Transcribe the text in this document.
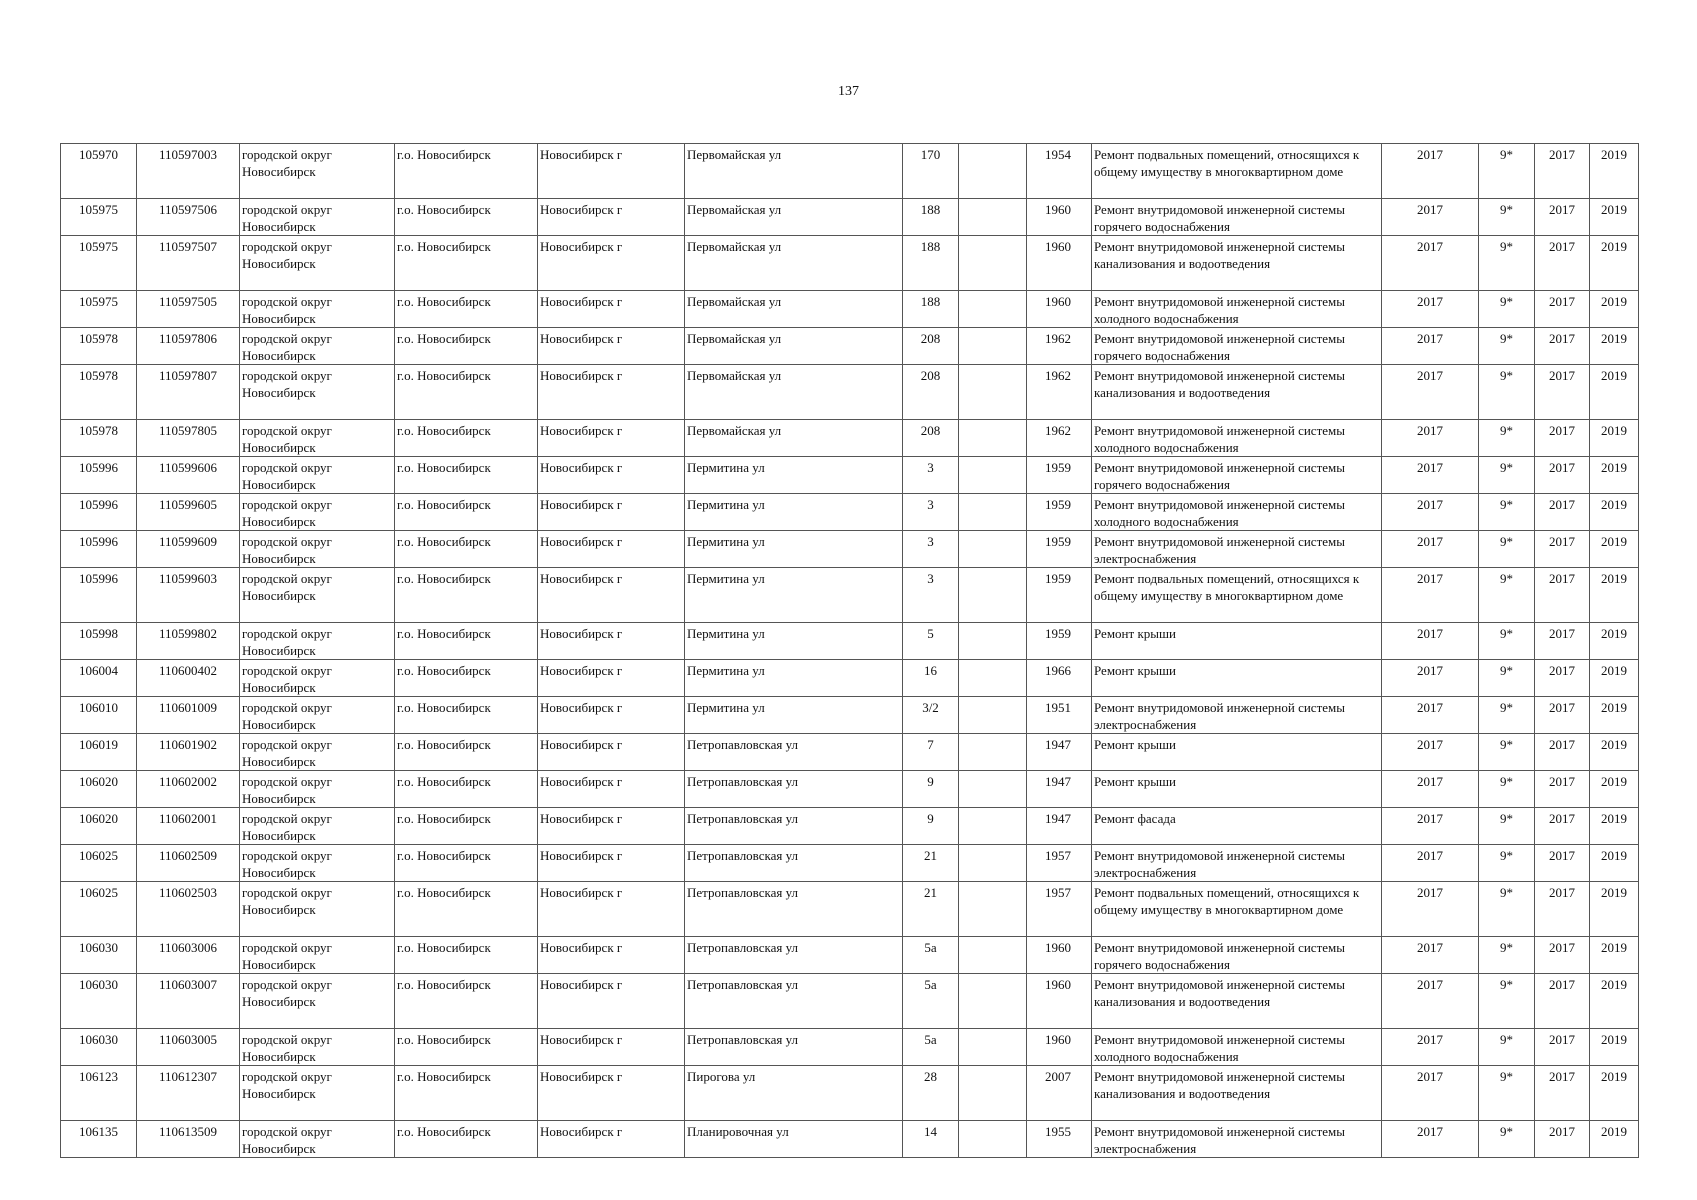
137
105970	110597003	городской округ Новосибирск	г.о. Новосибирск	Новосибирск г	Первомайская ул	170		1954	Ремонт подвальных помещений, относящихся к общему имуществу в многоквартирном доме	2017	9*	2017	2019
105975	110597506	городской округ Новосибирск	г.о. Новосибирск	Новосибирск г	Первомайская ул	188		1960	Ремонт внутридомовой инженерной системы горячего водоснабжения	2017	9*	2017	2019
105975	110597507	городской округ Новосибирск	г.о. Новосибирск	Новосибирск г	Первомайская ул	188		1960	Ремонт внутридомовой инженерной системы канализования и водоотведения	2017	9*	2017	2019
105975	110597505	городской округ Новосибирск	г.о. Новосибирск	Новосибирск г	Первомайская ул	188		1960	Ремонт внутридомовой инженерной системы холодного водоснабжения	2017	9*	2017	2019
105978	110597806	городской округ Новосибирск	г.о. Новосибирск	Новосибирск г	Первомайская ул	208		1962	Ремонт внутридомовой инженерной системы горячего водоснабжения	2017	9*	2017	2019
105978	110597807	городской округ Новосибирск	г.о. Новосибирск	Новосибирск г	Первомайская ул	208		1962	Ремонт внутридомовой инженерной системы канализования и водоотведения	2017	9*	2017	2019
105978	110597805	городской округ Новосибирск	г.о. Новосибирск	Новосибирск г	Первомайская ул	208		1962	Ремонт внутридомовой инженерной системы холодного водоснабжения	2017	9*	2017	2019
105996	110599606	городской округ Новосибирск	г.о. Новосибирск	Новосибирск г	Пермитина ул	3		1959	Ремонт внутридомовой инженерной системы горячего водоснабжения	2017	9*	2017	2019
105996	110599605	городской округ Новосибирск	г.о. Новосибирск	Новосибирск г	Пермитина ул	3		1959	Ремонт внутридомовой инженерной системы холодного водоснабжения	2017	9*	2017	2019
105996	110599609	городской округ Новосибирск	г.о. Новосибирск	Новосибирск г	Пермитина ул	3		1959	Ремонт внутридомовой инженерной системы электроснабжения	2017	9*	2017	2019
105996	110599603	городской округ Новосибирск	г.о. Новосибирск	Новосибирск г	Пермитина ул	3		1959	Ремонт подвальных помещений, относящихся к общему имуществу в многоквартирном доме	2017	9*	2017	2019
105998	110599802	городской округ Новосибирск	г.о. Новосибирск	Новосибирск г	Пермитина ул	5		1959	Ремонт крыши	2017	9*	2017	2019
106004	110600402	городской округ Новосибирск	г.о. Новосибирск	Новосибирск г	Пермитина ул	16		1966	Ремонт крыши	2017	9*	2017	2019
106010	110601009	городской округ Новосибирск	г.о. Новосибирск	Новосибирск г	Пермитина ул	3/2		1951	Ремонт внутридомовой инженерной системы электроснабжения	2017	9*	2017	2019
106019	110601902	городской округ Новосибирск	г.о. Новосибирск	Новосибирск г	Петропавловская ул	7		1947	Ремонт крыши	2017	9*	2017	2019
106020	110602002	городской округ Новосибирск	г.о. Новосибирск	Новосибирск г	Петропавловская ул	9		1947	Ремонт крыши	2017	9*	2017	2019
106020	110602001	городской округ Новосибирск	г.о. Новосибирск	Новосибирск г	Петропавловская ул	9		1947	Ремонт фасада	2017	9*	2017	2019
106025	110602509	городской округ Новосибирск	г.о. Новосибирск	Новосибирск г	Петропавловская ул	21		1957	Ремонт внутридомовой инженерной системы электроснабжения	2017	9*	2017	2019
106025	110602503	городской округ Новосибирск	г.о. Новосибирск	Новосибирск г	Петропавловская ул	21		1957	Ремонт подвальных помещений, относящихся к общему имуществу в многоквартирном доме	2017	9*	2017	2019
106030	110603006	городской округ Новосибирск	г.о. Новосибирск	Новосибирск г	Петропавловская ул	5а		1960	Ремонт внутридомовой инженерной системы горячего водоснабжения	2017	9*	2017	2019
106030	110603007	городской округ Новосибирск	г.о. Новосибирск	Новосибирск г	Петропавловская ул	5а		1960	Ремонт внутридомовой инженерной системы канализования и водоотведения	2017	9*	2017	2019
106030	110603005	городской округ Новосибирск	г.о. Новосибирск	Новосибирск г	Петропавловская ул	5а		1960	Ремонт внутридомовой инженерной системы холодного водоснабжения	2017	9*	2017	2019
106123	110612307	городской округ Новосибирск	г.о. Новосибирск	Новосибирск г	Пирогова ул	28		2007	Ремонт внутридомовой инженерной системы канализования и водоотведения	2017	9*	2017	2019
106135	110613509	городской округ Новосибирск	г.о. Новосибирск	Новосибирск г	Планировочная ул	14		1955	Ремонт внутридомовой инженерной системы электроснабжения	2017	9*	2017	2019
